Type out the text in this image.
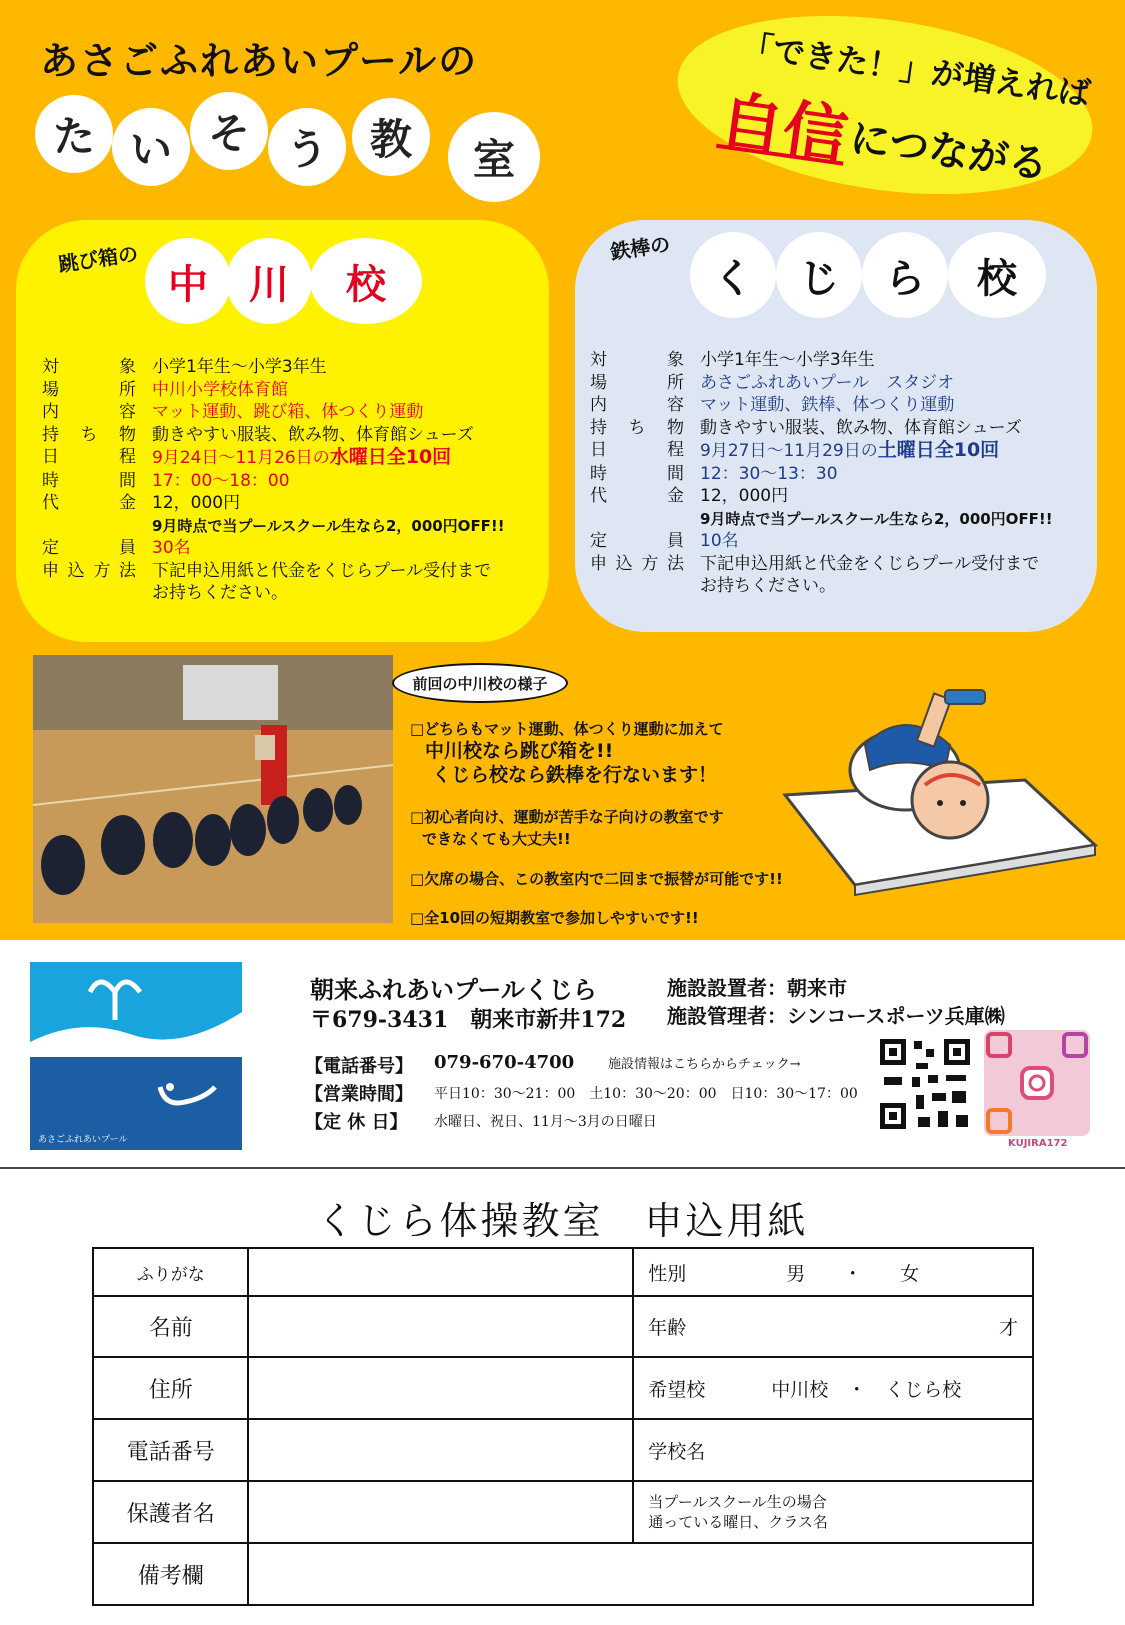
あさごふれあいプールの
た い そ う 教	室
「できた！」が増えれば
自信
につながる
跳び箱の
中	川	校
対象 小学1年生～小学3年生
場所 中川小学校体育館
内容 マット運動、跳び箱、体つくり運動
持ち物 動きやすい服装、飲み物、体育館シューズ
日程 9月24日～11月26日の水曜日全10回
時間 17：00～18：00
代金 12，000円
9月時点で当プールスクール生なら2，000円OFF!!
定員 30名
申込方法 下記申込用紙と代金をくじらプール受付まで
お持ちください。
鉄棒の
く	じ	ら	校
対象 小学1年生～小学3年生
場所 あさごふれあいプール　スタジオ
内容 マット運動、鉄棒、体つくり運動
持ち物 動きやすい服装、飲み物、体育館シューズ
日程 9月27日～11月29日の土曜日全10回
時間 12：30～13：30
代金 12，000円
9月時点で当プールスクール生なら2，000円OFF!!
定員 10名
申込方法 下記申込用紙と代金をくじらプール受付まで
お持ちください。
前回の中川校の様子
□どちらもマット運動、体つくり運動に加えて
中川校なら跳び箱を!!
くじら校なら鉄棒を行ないます！
□初心者向け、運動が苦手な子向けの教室です
できなくても大丈夫!!
□欠席の場合、この教室内で二回まで振替が可能です!!
□全10回の短期教室で参加しやすいです!!
あさごふれあいプール
朝来ふれあいプールくじら
〒679-3431　朝来市新井172
施設設置者：朝来市
施設管理者：シンコースポーツ兵庫㈱
【電話番号】 079-670-4700
【営業時間】 平日10：30～21：00　土10：30～20：00　日10：30～17：00
【定 休 日】 水曜日、祝日、11月～3月の日曜日
施設情報はこちらからチェック→
KUJIRA172
くじら体操教室　申込用紙
ふりがな		性別 男　　・　　女
名前		年齢 才

住所		希望校 中川校　・　くじら校
電話番号		学校名
保護者名		当プールスクール生の場合
通っている曜日、クラス名

備考欄		
